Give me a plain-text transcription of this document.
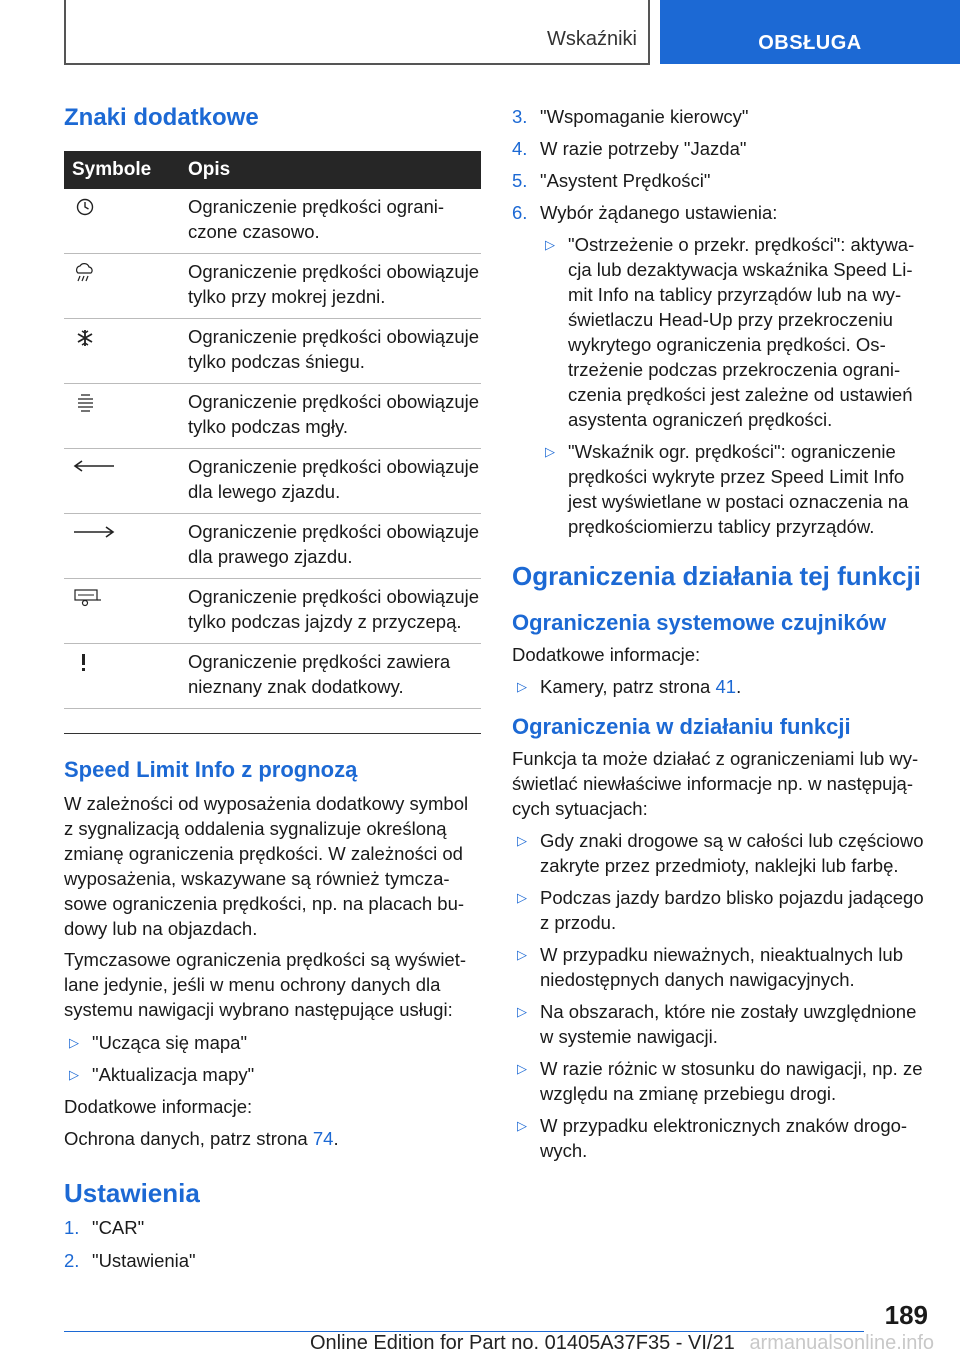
Wskaźniki	OBSŁUGA
Znaki dodatkowe
Symbole	Opis
Ograniczenie prędkości ograniczone czasowo.
Ograniczenie prędkości obowiązuje tylko przy mokrej jezdni.
Ograniczenie prędkości obowiązuje tylko podczas śniegu.
Ograniczenie prędkości obowiązuje tylko podczas mgły.
Ograniczenie prędkości obowiązuje dla lewego zjazdu.
Ograniczenie prędkości obowiązuje dla prawego zjazdu.
Ograniczenie prędkości obowiązuje tylko podczas jajzdy z przyczepą.
Ograniczenie prędkości zawiera nieznany znak dodatkowy.
Speed Limit Info z prognozą

W zależności od wyposażenia dodatkowy symbol z sygnalizacją oddalenia sygnalizuje określoną zmianę ograniczenia prędkości. W zależności od wyposażenia, wskazywane są również tymczasowe ograniczenia prędkości, np. na placach budowy lub na objazdach.

Tymczasowe ograniczenia prędkości są wyświetlane jedynie, jeśli w menu ochrony danych dla systemu nawigacji wybrano następujące usługi:

▷ "Ucząca się mapa"
▷ "Aktualizacja mapy"

Dodatkowe informacje:

Ochrona danych, patrz strona 74.

Ustawienia
1. "CAR"
2. "Ustawienia"
3. "Wspomaganie kierowcy"
4. W razie potrzeby "Jazda"
5. "Asystent Prędkości"
6. Wybór żądanego ustawienia:
▷ "Ostrzeżenie o przekr. prędkości": aktywacja lub dezaktywacja wskaźnika Speed Limit Info na tablicy przyrządów lub na wyświetlaczu Head-Up przy przekroczeniu wykrytego ograniczenia prędkości. Ostrzeżenie podczas przekroczenia ograniczenia prędkości jest zależne od ustawień asystenta ograniczeń prędkości.
▷ "Wskaźnik ogr. prędkości": ograniczenie prędkości wykryte przez Speed Limit Info jest wyświetlane w postaci oznaczenia na prędkościomierzu tablicy przyrządów.
Ograniczenia działania tej funkcji
Ograniczenia systemowe czujników

Dodatkowe informacje:

▷ Kamery, patrz strona 41.
Ograniczenia w działaniu funkcji

Funkcja ta może działać z ograniczeniami lub wyświetlać niewłaściwe informacje np. w następujących sytuacjach:

▷ Gdy znaki drogowe są w całości lub częściowo zakryte przez przedmioty, naklejki lub farbę.
▷ Podczas jazdy bardzo blisko pojazdu jadącego z przodu.
▷ W przypadku nieważnych, nieaktualnych lub niedostępnych danych nawigacyjnych.
▷ Na obszarach, które nie zostały uwzględnione w systemie nawigacji.
▷ W razie różnic w stosunku do nawigacji, np. ze względu na zmianę przebiegu drogi.
▷ W przypadku elektronicznych znaków drogowych.
189
Online Edition for Part no. 01405A37F35 - VI/21 armanualsonline.info
